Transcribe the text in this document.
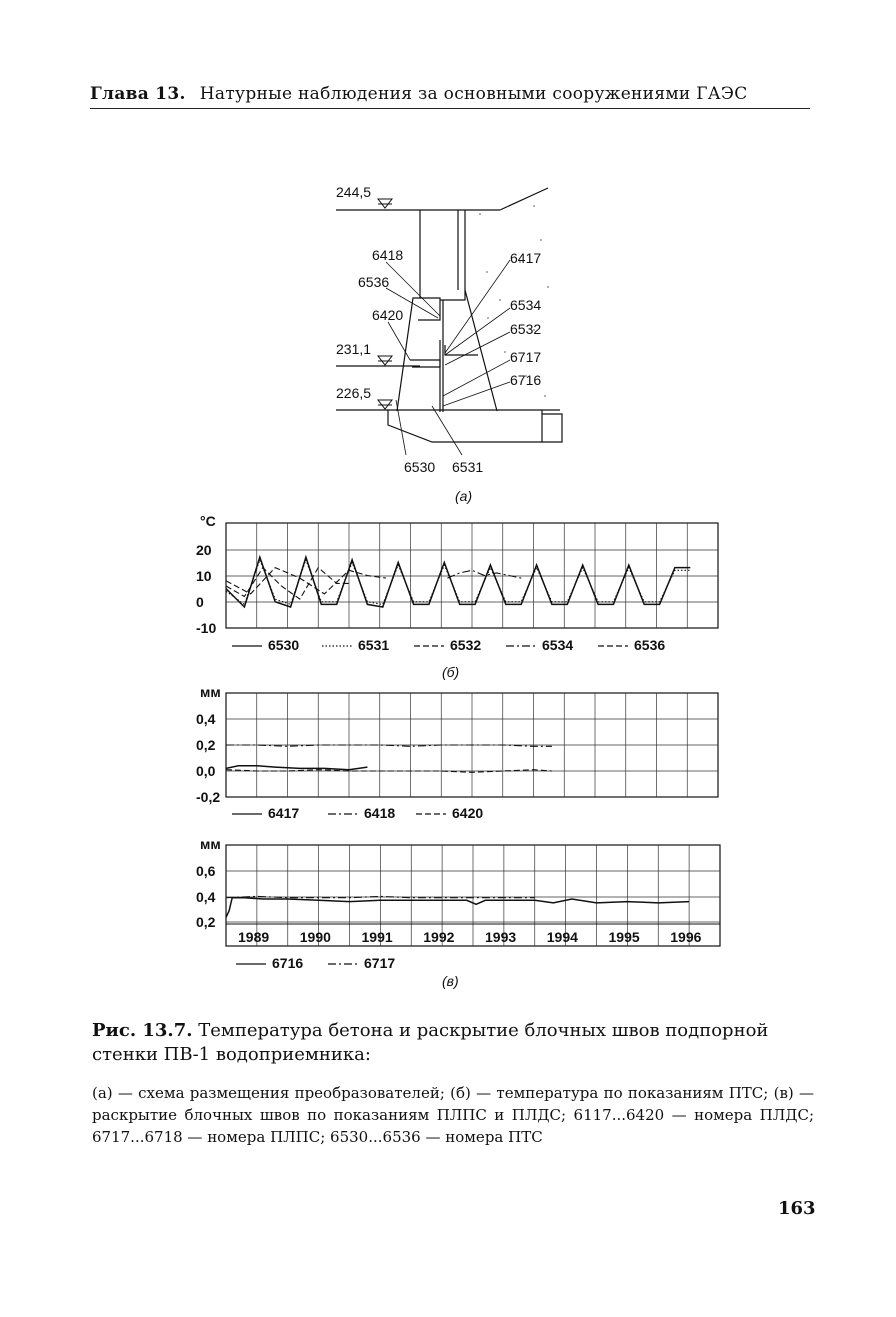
Глава 13. Натурные наблюдения за основными сооружениями ГАЭС
244,5
231,1
226,5
6418
6536
6420
6417
6534
6532
6717
6716
6530 6531
(а)
°C
20
10
0
-10
6530	6531	6532	6534	6536
(б)
мм
0,4
0,2
0,0
-0,2
6417	6418	6420
мм
0,6
0,4
0,2
1989 1990 1991 1992 1993 1994 1995 1996
6716	6717
(в)
Рис. 13.7. Температура бетона и раскрытие блочных швов подпорной стенки ПВ-1 водоприемника:
(а) — схема размещения преобразователей; (б) — температура по показаниям ПТС; (в) — раскрытие блочных швов по показаниям ПЛПС и ПЛДС; 6117...6420 — номера ПЛДС; 6717...6718 — номера ПЛПС; 6530...6536 — номера ПТС
163
